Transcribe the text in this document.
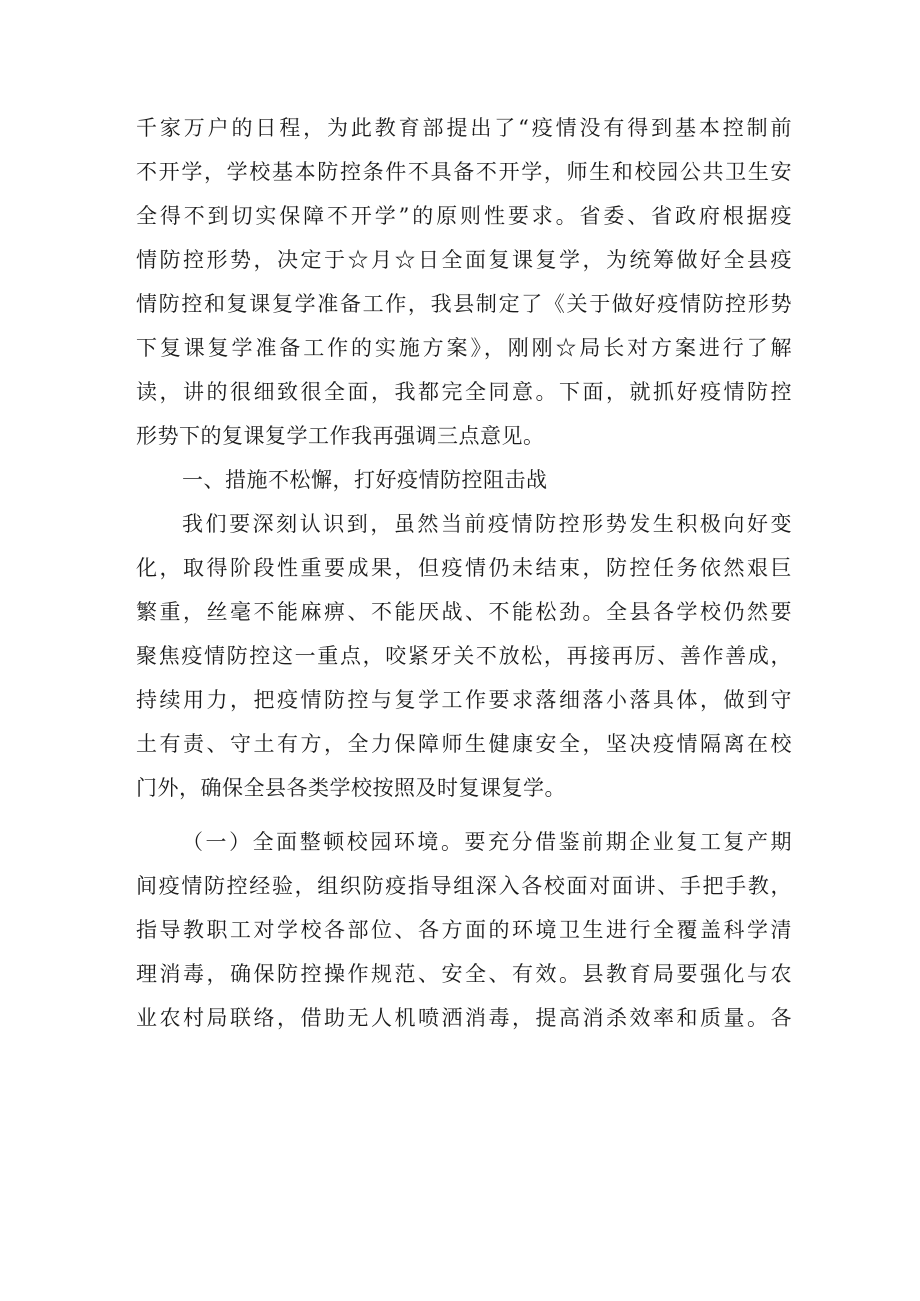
千家万户的日程，为此教育部提出了“疫情没有得到基本控制前
不开学，学校基本防控条件不具备不开学，师生和校园公共卫生安
全得不到切实保障不开学”的原则性要求。省委、省政府根据疫
情防控形势，决定于☆月☆日全面复课复学，为统筹做好全县疫
情防控和复课复学准备工作，我县制定了《关于做好疫情防控形势
下复课复学准备工作的实施方案》，刚刚☆局长对方案进行了解
读，讲的很细致很全面，我都完全同意。下面，就抓好疫情防控
形势下的复课复学工作我再强调三点意见。
一、措施不松懈，打好疫情防控阻击战
我们要深刻认识到，虽然当前疫情防控形势发生积极向好变
化，取得阶段性重要成果，但疫情仍未结束，防控任务依然艰巨
繁重，丝毫不能麻痹、不能厌战、不能松劲。全县各学校仍然要
聚焦疫情防控这一重点，咬紧牙关不放松，再接再厉、善作善成，
持续用力，把疫情防控与复学工作要求落细落小落具体，做到守
土有责、守土有方，全力保障师生健康安全，坚决疫情隔离在校
门外，确保全县各类学校按照及时复课复学。
（一）全面整顿校园环境。要充分借鉴前期企业复工复产期
间疫情防控经验，组织防疫指导组深入各校面对面讲、手把手教，
指导教职工对学校各部位、各方面的环境卫生进行全覆盖科学清
理消毒，确保防控操作规范、安全、有效。县教育局要强化与农
业农村局联络，借助无人机喷洒消毒，提高消杀效率和质量。各
